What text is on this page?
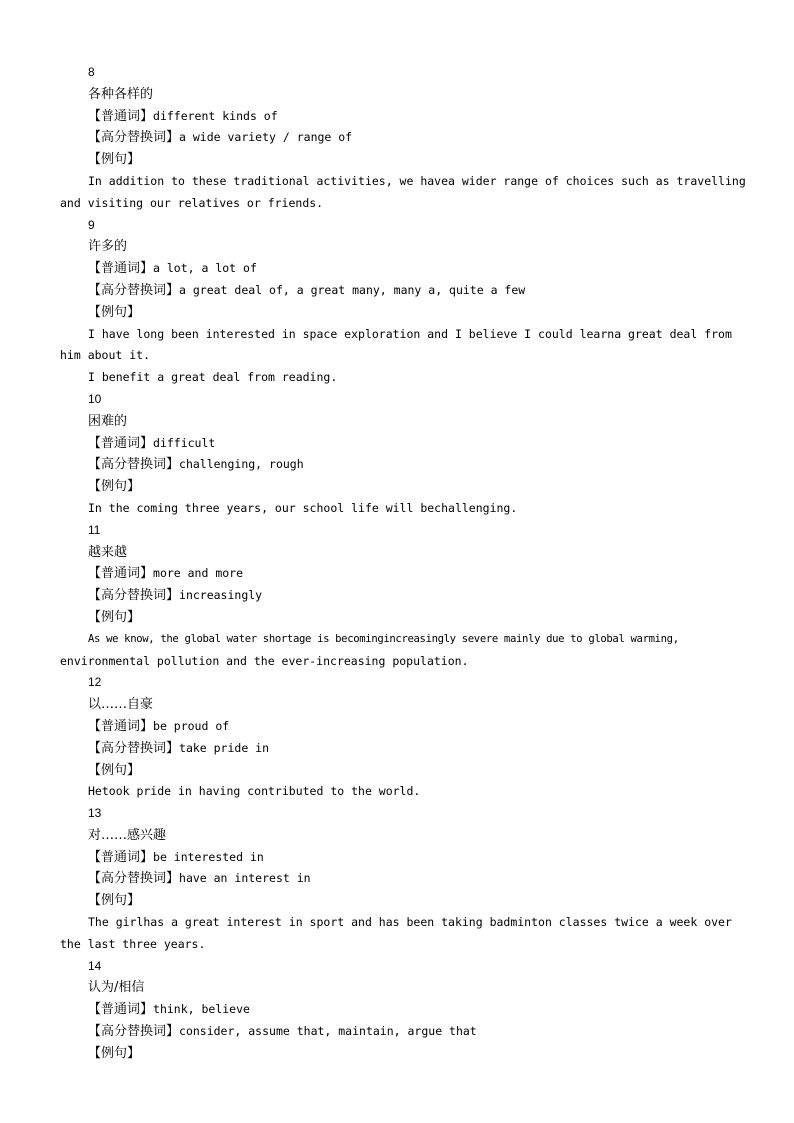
8
各种各样的
【普通词】different kinds of
【高分替换词】a wide variety / range of
【例句】
In addition to these traditional activities, we havea wider range of choices such as travelling
and visiting our relatives or friends.
9
许多的
【普通词】a lot, a lot of
【高分替换词】a great deal of, a great many, many a, quite a few
【例句】
I have long been interested in space exploration and I believe I could learna great deal from
him about it.
I benefit a great deal from reading.
10
困难的
【普通词】difficult
【高分替换词】challenging, rough
【例句】
In the coming three years, our school life will bechallenging.
11
越来越
【普通词】more and more
【高分替换词】increasingly
【例句】
As we know, the global water shortage is becomingincreasingly severe mainly due to global warming,
environmental pollution and the ever-increasing population.
12
以……自豪
【普通词】be proud of
【高分替换词】take pride in
【例句】
Hetook pride in having contributed to the world.
13
对……感兴趣
【普通词】be interested in
【高分替换词】have an interest in
【例句】
The girlhas a great interest in sport and has been taking badminton classes twice a week over
the last three years.
14
认为/相信
【普通词】think, believe
【高分替换词】consider, assume that, maintain, argue that
【例句】
